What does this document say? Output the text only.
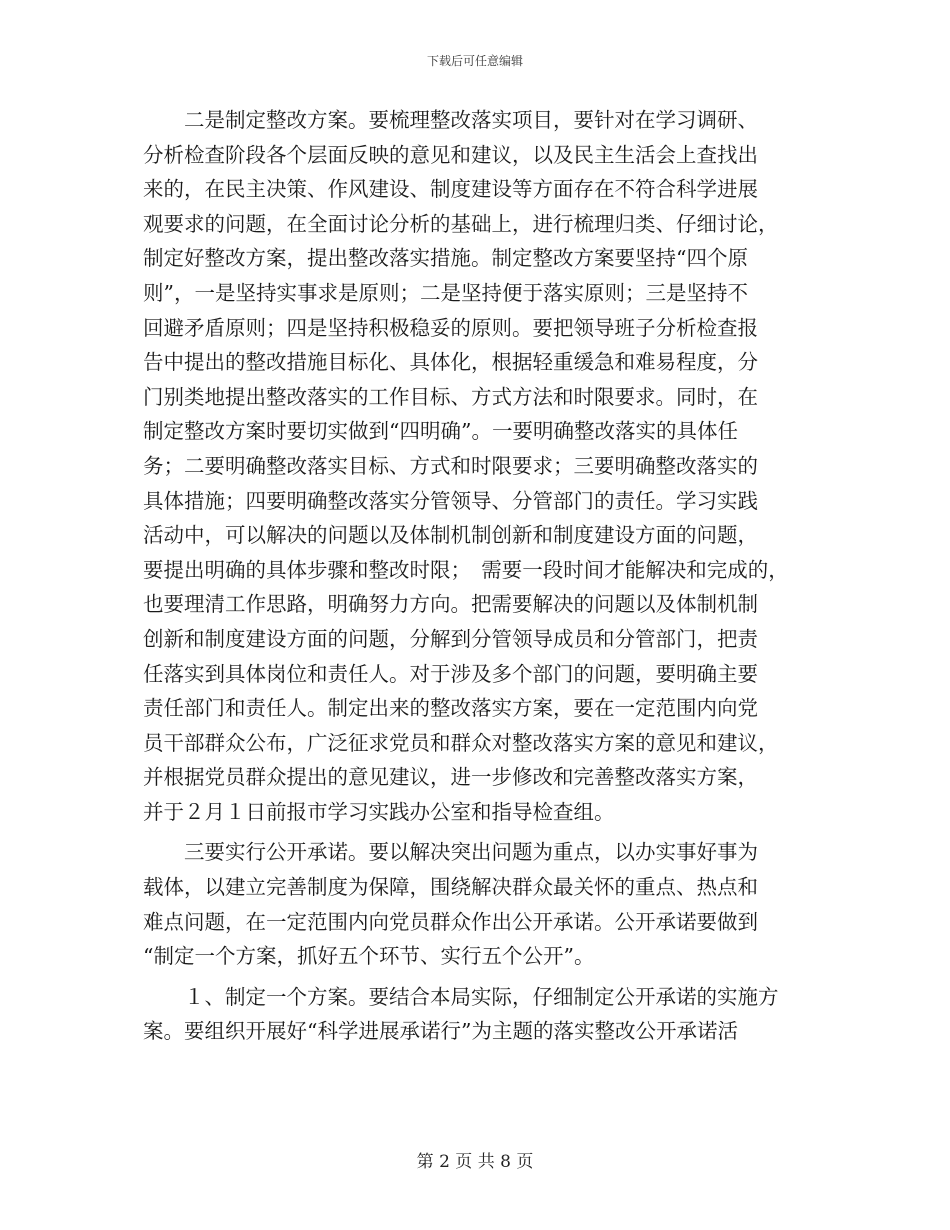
下载后可任意编辑
　　二是制定整改方案。要梳理整改落实项目，要针对在学习调研、
分析检查阶段各个层面反映的意见和建议，以及民主生活会上查找出
来的，在民主决策、作风建设、制度建设等方面存在不符合科学进展
观要求的问题，在全面讨论分析的基础上，进行梳理归类、仔细讨论，
制定好整改方案，提出整改落实措施。制定整改方案要坚持“四个原
则”，一是坚持实事求是原则；二是坚持便于落实原则；三是坚持不
回避矛盾原则；四是坚持积极稳妥的原则。要把领导班子分析检查报
告中提出的整改措施目标化、具体化，根据轻重缓急和难易程度，分
门别类地提出整改落实的工作目标、方式方法和时限要求。同时，在
制定整改方案时要切实做到“四明确”。一要明确整改落实的具体任
务；二要明确整改落实目标、方式和时限要求；三要明确整改落实的
具体措施；四要明确整改落实分管领导、分管部门的责任。学习实践
活动中，可以解决的问题以及体制机制创新和制度建设方面的问题，
要提出明确的具体步骤和整改时限；　需要一段时间才能解决和完成的，
也要理清工作思路，明确努力方向。把需要解决的问题以及体制机制
创新和制度建设方面的问题，分解到分管领导成员和分管部门，把责
任落实到具体岗位和责任人。对于涉及多个部门的问题，要明确主要
责任部门和责任人。制定出来的整改落实方案，要在一定范围内向党
员干部群众公布，广泛征求党员和群众对整改落实方案的意见和建议，
并根据党员群众提出的意见建议，进一步修改和完善整改落实方案，
并于２月１日前报市学习实践办公室和指导检查组。
　　三要实行公开承诺。要以解决突出问题为重点，以办实事好事为
载体，以建立完善制度为保障，围绕解决群众最关怀的重点、热点和
难点问题，在一定范围内向党员群众作出公开承诺。公开承诺要做到
“制定一个方案，抓好五个环节、实行五个公开”。
　　１、制定一个方案。要结合本局实际，仔细制定公开承诺的实施方
案。要组织开展好“科学进展承诺行”为主题的落实整改公开承诺活
第 2 页 共 8 页
